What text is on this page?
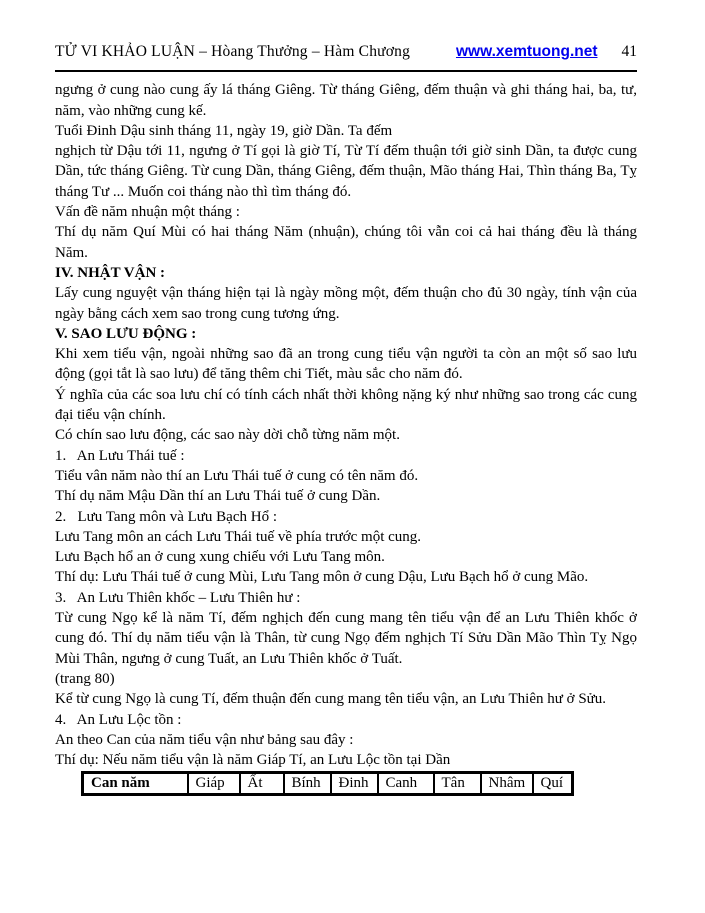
TỬ VI KHẢO LUẬN – Hòang Thưởng – Hàm Chương	www.xemtuong.net 41

ngưng ở cung nào cung ấy lá tháng Giêng. Từ tháng Giêng, đếm thuận và ghi tháng hai, ba, tư, năm, vào những cung kế.

Tuổi Đinh Dậu sinh tháng 11, ngày 19, giờ Dần. Ta đếm

nghịch từ Dậu tới 11, ngưng ở Tí gọi là giờ Tí, Từ Tí đếm thuận tới giờ sinh Dần, ta được cung Dần, tức tháng Giêng. Từ cung Dần, tháng Giêng, đếm thuận, Mão tháng Hai, Thìn tháng Ba, Tỵ tháng Tư ... Muốn coi tháng nào thì tìm tháng đó.

Vấn đề năm nhuận một tháng :

Thí dụ năm Quí Mùi có hai tháng Năm (nhuận), chúng tôi vẫn coi cả hai tháng đều là tháng Năm.

IV. NHẬT VẬN :

Lấy cung nguyệt vận tháng hiện tại là ngày mồng một, đếm thuận cho đủ 30 ngày, tính vận của ngày bằng cách xem sao trong cung tương ứng.

V. SAO LƯU ĐỘNG :

Khi xem tiểu vận, ngoài những sao đã an trong cung tiểu vận người ta còn an một số sao lưu động (gọi tắt là sao lưu) để tăng thêm chi Tiết, màu sắc cho năm đó.

Ý nghĩa của các soa lưu chí có tính cách nhất thời không nặng ký như những sao trong các cung đại tiểu vận chính.

Có chín sao lưu động, các sao này dời chỗ từng năm một.

1.   An Lưu Thái tuế :

Tiểu vân năm nào thí an Lưu Thái tuế ở cung có tên năm đó.

Thí dụ năm Mậu Dần thí an Lưu Thái tuế ở cung Dần.

2.   Lưu Tang môn và Lưu Bạch Hổ :

Lưu Tang môn an cách Lưu Thái tuế về phía trước một cung.

Lưu Bạch hổ an ở cung xung chiếu với Lưu Tang môn.

Thí dụ: Lưu Thái tuế ở cung Mùi, Lưu Tang môn ở cung Dậu, Lưu Bạch hổ ở cung Mão.

3.   An Lưu Thiên khốc – Lưu Thiên hư :

Từ cung Ngọ kể là năm Tí, đếm nghịch đến cung mang tên tiểu vận để an Lưu Thiên khốc ở cung đó. Thí dụ năm tiểu vận là Thân, từ cung Ngọ đếm nghịch Tí Sửu Dần Mão Thìn Tỵ Ngọ Mùi Thân, ngưng ở cung Tuất, an Lưu Thiên khốc ở Tuất.

(trang 80)

Kể từ cung Ngọ là cung Tí, đếm thuận đến cung mang tên tiểu vận, an Lưu Thiên hư ở Sửu.

4.   An Lưu Lộc tồn :

An theo Can của năm tiểu vận như bảng sau đây :

Thí dụ: Nếu năm tiểu vận là năm Giáp Tí, an Lưu Lộc tồn tại Dần

Can năm	Giáp	Ất	Bính	Đinh	Canh	Tân	Nhâm	Quí
